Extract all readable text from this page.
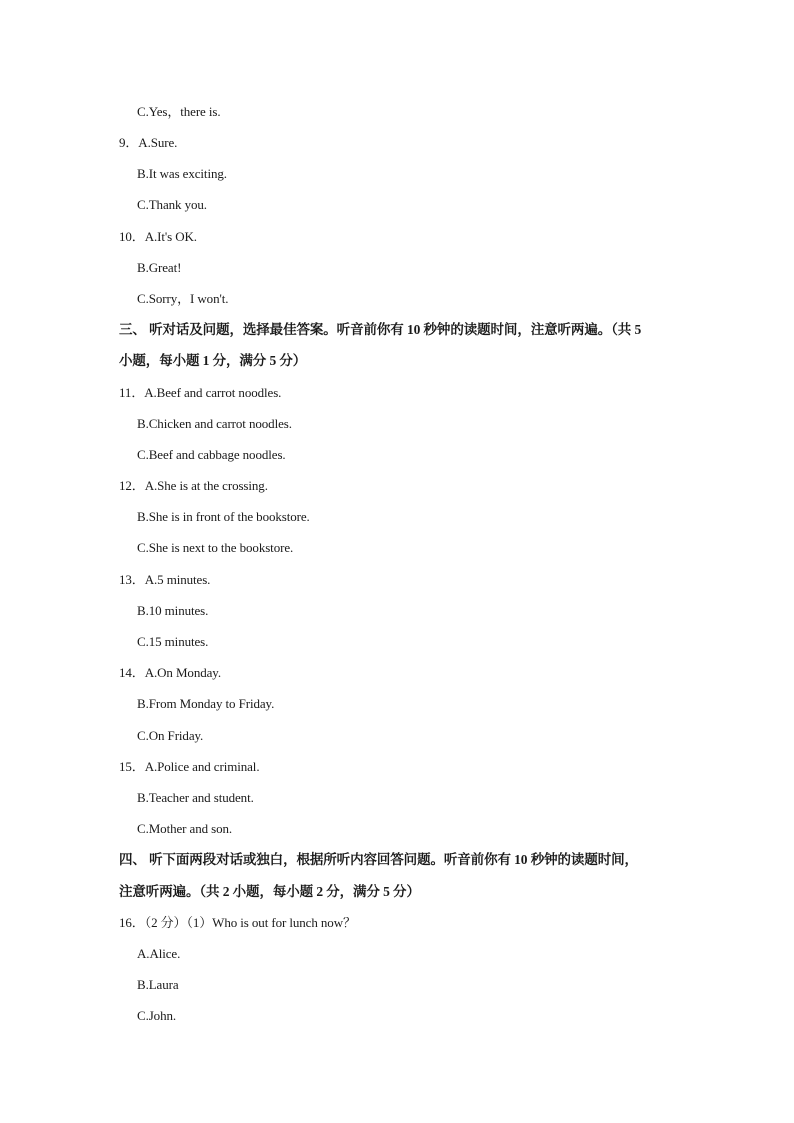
C.Yes，there is.
9．A.Sure.
B.It was exciting.
C.Thank you.
10．A.It's OK.
B.Great!
C.Sorry，I won't.
三、 听对话及问题，选择最佳答案。听音前你有 10 秒钟的读题时间，注意听两遍。（共 5
小题，每小题 1 分，满分 5 分）
11．A.Beef and carrot noodles.
B.Chicken and carrot noodles.
C.Beef and cabbage noodles.
12．A.She is at the crossing.
B.She is in front of the bookstore.
C.She is next to the bookstore.
13．A.5 minutes.
B.10 minutes.
C.15 minutes.
14．A.On Monday.
B.From Monday to Friday.
C.On Friday.
15．A.Police and criminal.
B.Teacher and student.
C.Mother and son.
四、 听下面两段对话或独白，根据所听内容回答问题。听音前你有 10 秒钟的读题时间，
注意听两遍。（共 2 小题，每小题 2 分，满分 5 分）
16．（2 分）（1）Who is out for lunch now？
A.Alice.
B.Laura
C.John.
